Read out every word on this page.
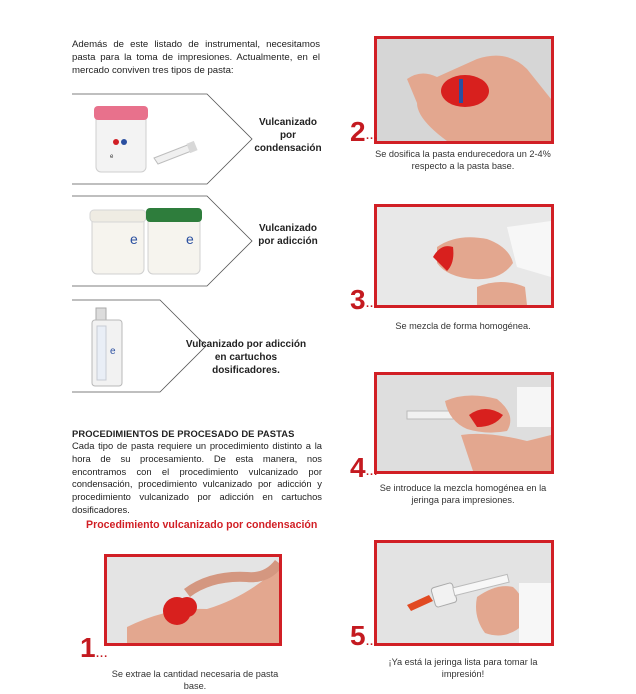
Además de este listado de instrumental, necesitamos pasta para la toma de impresiones. Actualmente, en el mercado conviven tres tipos de pasta:
e
Vulcanizado por condensación
e	e
Vulcanizado por adicción
e
Vulcanizado por adicción en cartuchos dosificadores.
PROCEDIMIENTOS DE PROCESADO DE PASTAS
Cada tipo de pasta requiere un procedimiento distinto a la hora de su procesamiento. De esta manera, nos encontramos con el procedimiento vulcanizado por condensación, procedimiento vulcanizado por adicción y procedimiento vulcanizado por adicción en cartuchos dosificadores.
Procedimiento vulcanizado por condensación
1 ...
Se extrae la cantidad necesaria de pasta base.
2 ...
Se dosifica la pasta endurecedora un 2-4% respecto a la pasta base.
3 ...
Se mezcla de forma homogénea.
4 ...
Se introduce la mezcla homogénea en la jeringa para impresiones.
5 ...
¡Ya está la jeringa lista para tomar la impresión!
